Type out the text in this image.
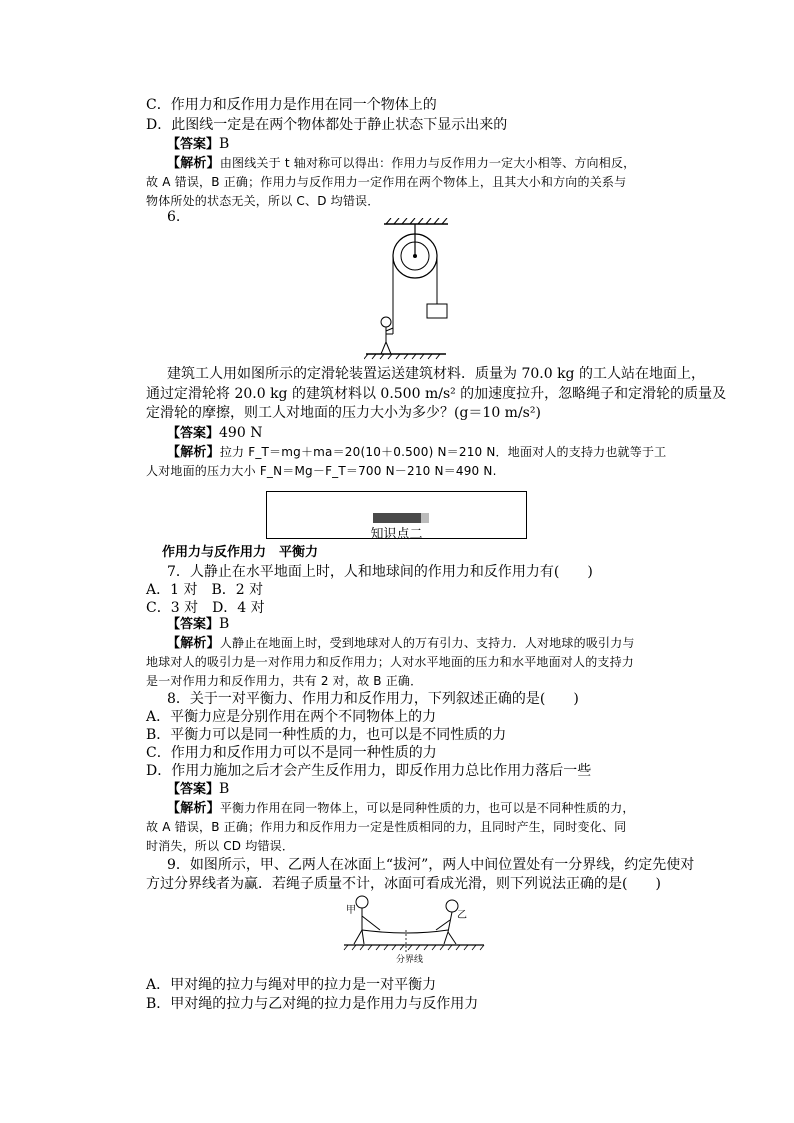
C．作用力和反作用力是作用在同一个物体上的
D．此图线一定是在两个物体都处于静止状态下显示出来的
【答案】B
【解析】由图线关于 t 轴对称可以得出：作用力与反作用力一定大小相等、方向相反，
故 A 错误，B 正确；作用力与反作用力一定作用在两个物体上，且其大小和方向的关系与
物体所处的状态无关，所以 C、D 均错误．
6.
建筑工人用如图所示的定滑轮装置运送建筑材料．质量为 70.0 kg 的工人站在地面上，
通过定滑轮将 20.0 kg 的建筑材料以 0.500 m/s² 的加速度拉升，忽略绳子和定滑轮的质量及
定滑轮的摩擦，则工人对地面的压力大小为多少？(g＝10 m/s²)
【答案】490 N
【解析】拉力 F_T＝mg＋ma＝20(10＋0.500) N＝210 N．地面对人的支持力也就等于工
人对地面的压力大小 F_N＝Mg－F_T＝700 N－210 N＝490 N.
知识点二
作用力与反作用力　平衡力
7．人静止在水平地面上时，人和地球间的作用力和反作用力有(　　)
A．1 对　B．2 对
C．3 对　D．4 对
【答案】B
【解析】人静止在地面上时，受到地球对人的万有引力、支持力．人对地球的吸引力与
地球对人的吸引力是一对作用力和反作用力；人对水平地面的压力和水平地面对人的支持力
是一对作用力和反作用力，共有 2 对，故 B 正确．
8．关于一对平衡力、作用力和反作用力，下列叙述正确的是(　　)
A．平衡力应是分别作用在两个不同物体上的力
B．平衡力可以是同一种性质的力，也可以是不同性质的力
C．作用力和反作用力可以不是同一种性质的力
D．作用力施加之后才会产生反作用力，即反作用力总比作用力落后一些
【答案】B
【解析】平衡力作用在同一物体上，可以是同种性质的力，也可以是不同种性质的力，
故 A 错误，B 正确；作用力和反作用力一定是性质相同的力，且同时产生，同时变化、同
时消失，所以 CD 均错误．
9．如图所示，甲、乙两人在冰面上“拔河”，两人中间位置处有一分界线，约定先使对
方过分界线者为赢．若绳子质量不计，冰面可看成光滑，则下列说法正确的是(　　)
甲	乙
分界线
A．甲对绳的拉力与绳对甲的拉力是一对平衡力
B．甲对绳的拉力与乙对绳的拉力是作用力与反作用力
